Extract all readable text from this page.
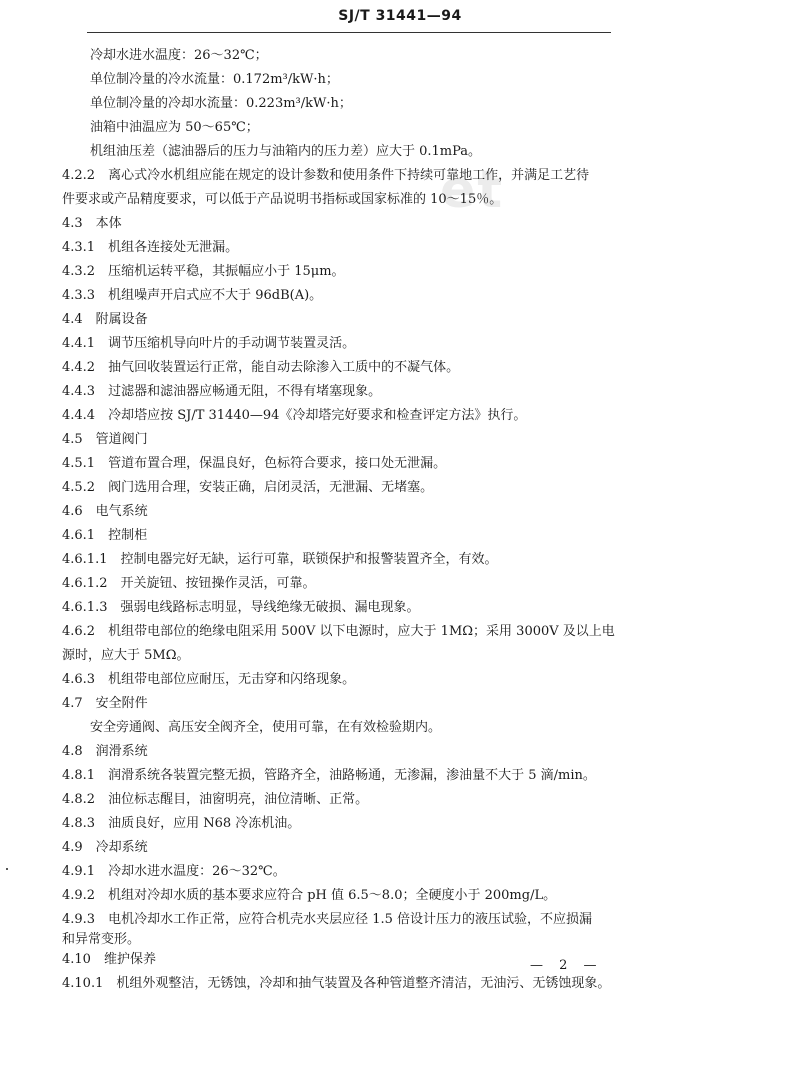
SJ/T 31441—94
et
冷却水进水温度：26～32℃；
单位制冷量的冷水流量：0.172m³/kW·h；
单位制冷量的冷却水流量：0.223m³/kW·h；
油箱中油温应为 50～65℃；
机组油压差（滤油器后的压力与油箱内的压力差）应大于 0.1mPa。
4.2.2　离心式冷水机组应能在规定的设计参数和使用条件下持续可靠地工作，并满足工艺待
件要求或产品精度要求，可以低于产品说明书指标或国家标准的 10～15％。
4.3　本体
4.3.1　机组各连接处无泄漏。
4.3.2　压缩机运转平稳，其振幅应小于 15μm。
4.3.3　机组噪声开启式应不大于 96dB(A)。
4.4　附属设备
4.4.1　调节压缩机导向叶片的手动调节装置灵活。
4.4.2　抽气回收装置运行正常，能自动去除渗入工质中的不凝气体。
4.4.3　过滤器和滤油器应畅通无阻，不得有堵塞现象。
4.4.4　冷却塔应按 SJ/T 31440—94《冷却塔完好要求和检查评定方法》执行。
4.5　管道阀门
4.5.1　管道布置合理，保温良好，色标符合要求，接口处无泄漏。
4.5.2　阀门选用合理，安装正确，启闭灵活，无泄漏、无堵塞。
4.6　电气系统
4.6.1　控制柜
4.6.1.1　控制电器完好无缺，运行可靠，联锁保护和报警装置齐全，有效。
4.6.1.2　开关旋钮、按钮操作灵活，可靠。
4.6.1.3　强弱电线路标志明显，导线绝缘无破损、漏电现象。
4.6.2　机组带电部位的绝缘电阻采用 500V 以下电源时，应大于 1MΩ；采用 3000V 及以上电
源时，应大于 5MΩ。
4.6.3　机组带电部位应耐压，无击穿和闪络现象。
4.7　安全附件
安全旁通阀、高压安全阀齐全，使用可靠，在有效检验期内。
4.8　润滑系统
4.8.1　润滑系统各装置完整无损，管路齐全，油路畅通，无渗漏，渗油量不大于 5 滴/min。
4.8.2　油位标志醒目，油窗明亮，油位清晰、正常。
4.8.3　油质良好，应用 N68 冷冻机油。
4.9　冷却系统
4.9.1　冷却水进水温度：26～32℃。
4.9.2　机组对冷却水质的基本要求应符合 pH 值 6.5～8.0；全硬度小于 200mg/L。
4.9.3　电机冷却水工作正常，应符合机壳水夹层应径 1.5 倍设计压力的液压试验，不应损漏
和异常变形。
4.10　维护保养
4.10.1　机组外观整洁，无锈蚀，冷却和抽气装置及各种管道整齐清洁，无油污、无锈蚀现象。
— 2 —
